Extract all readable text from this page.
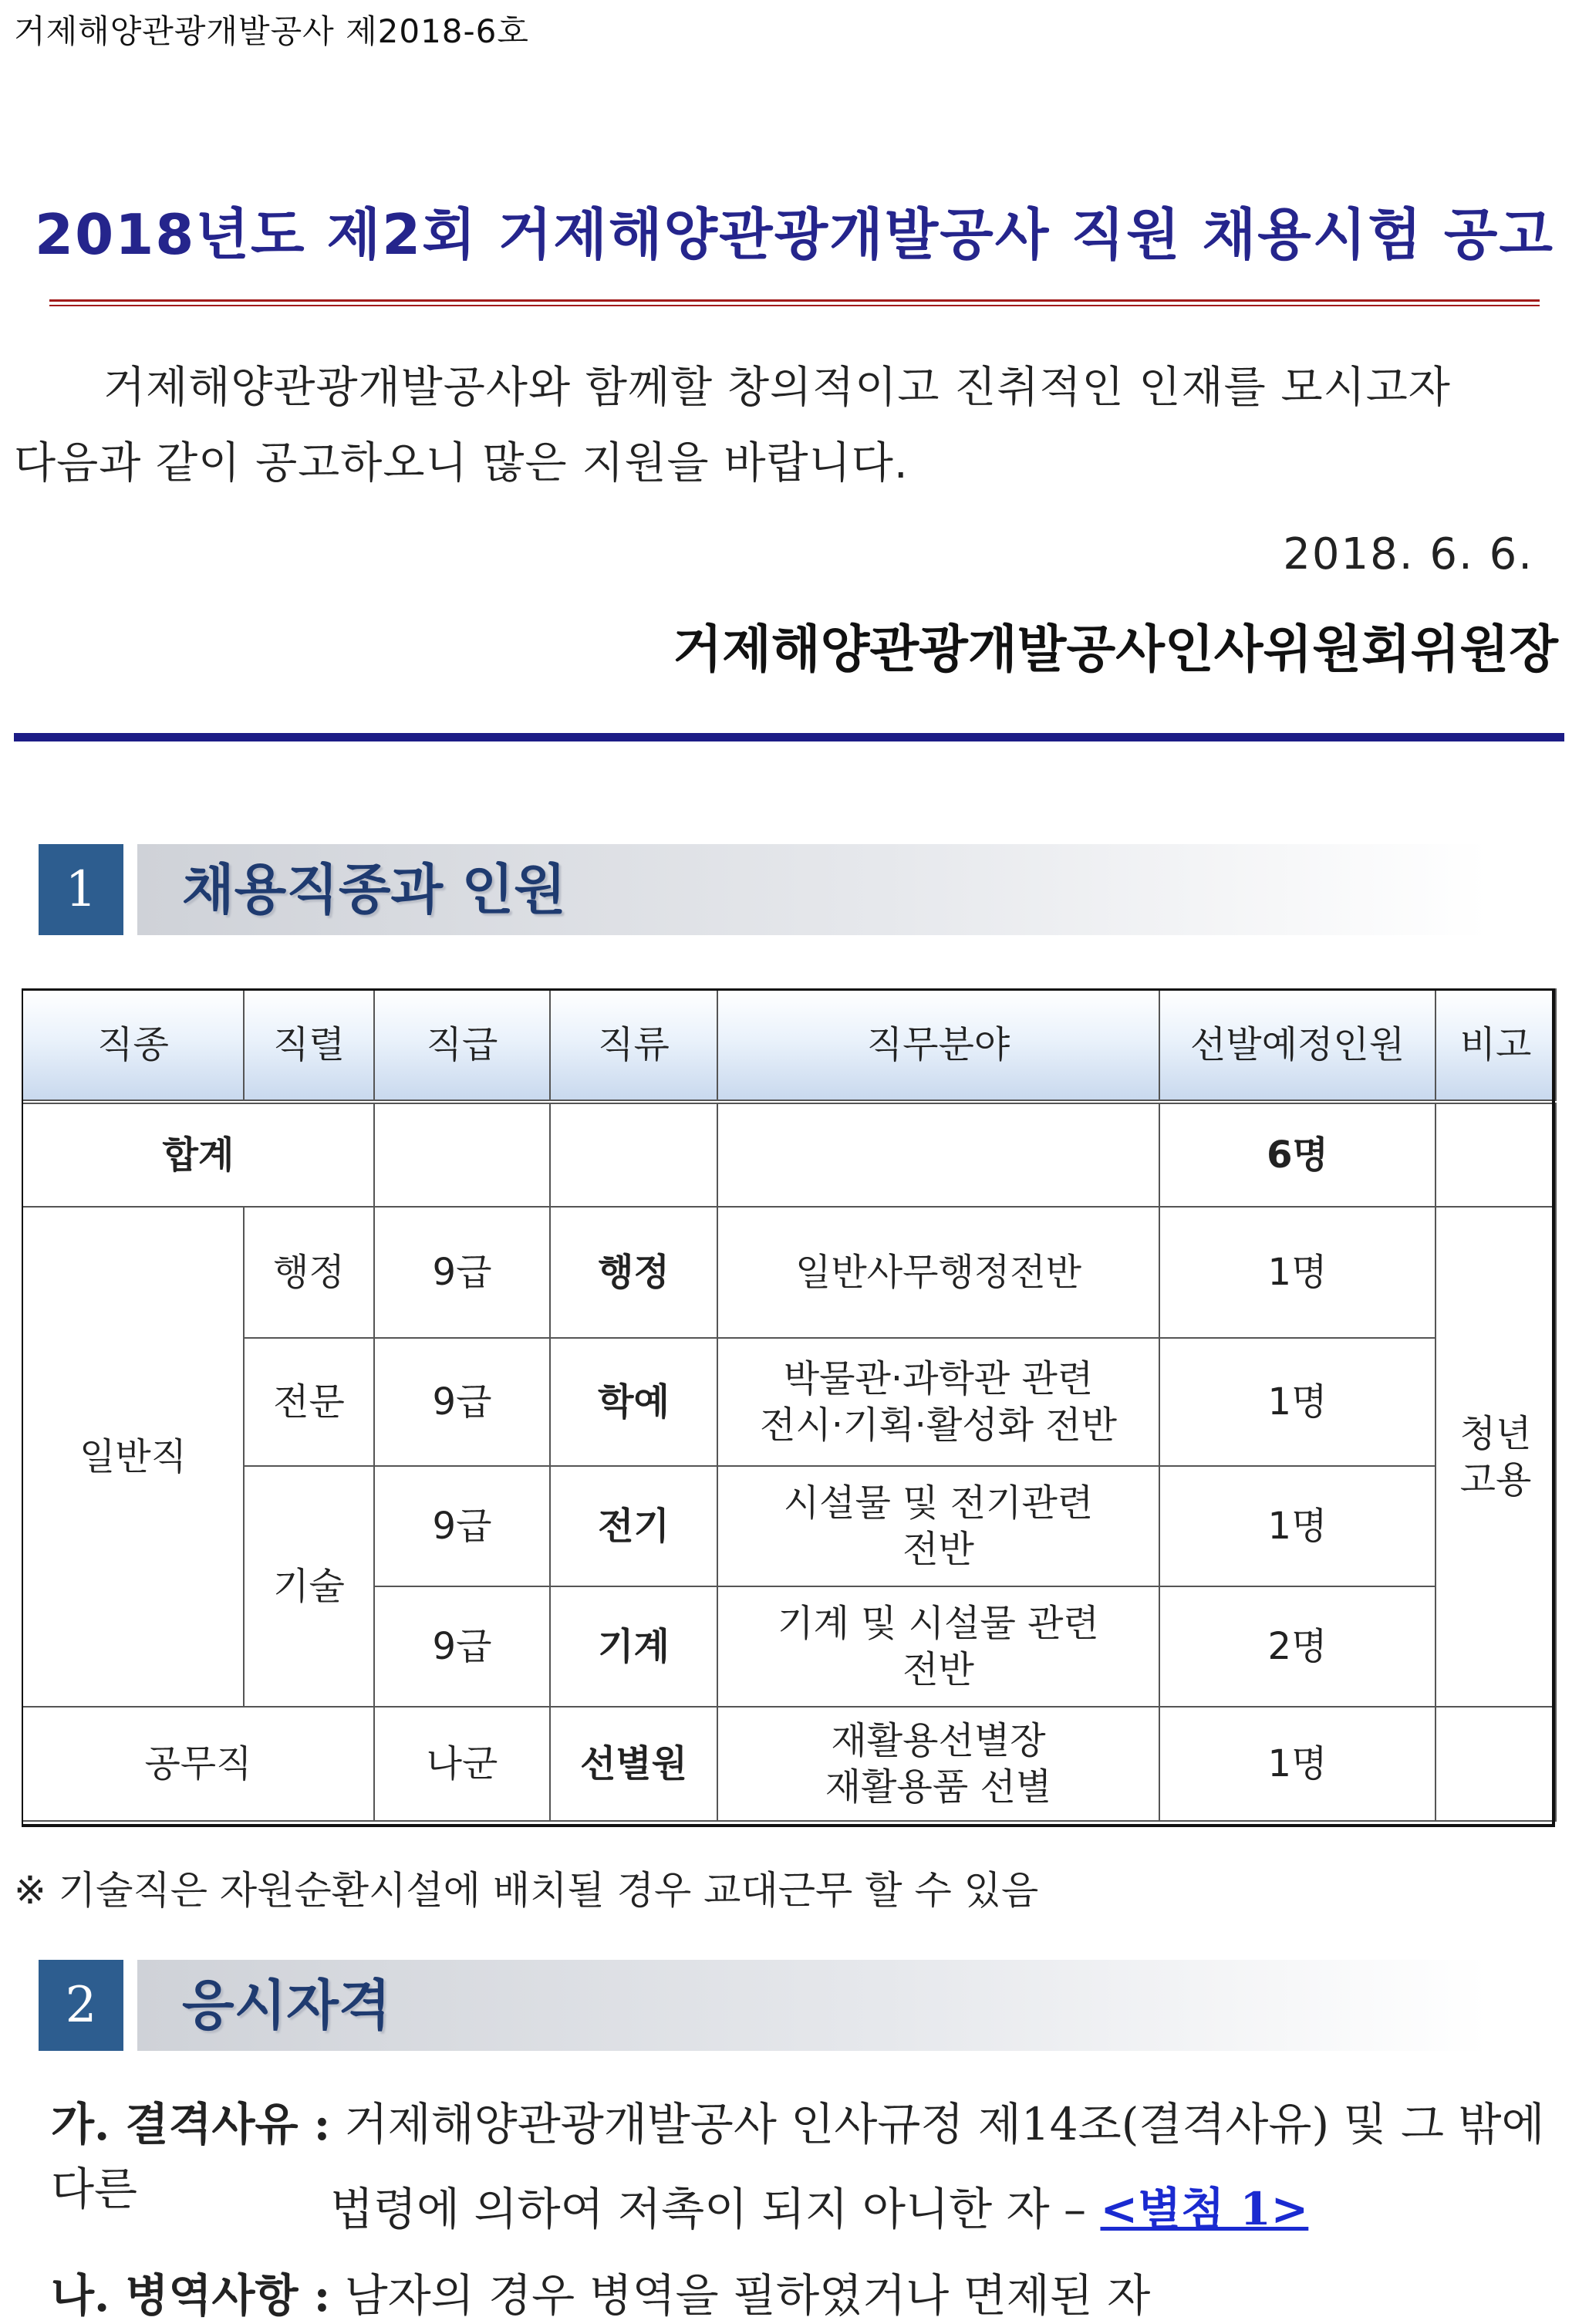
거제해양관광개발공사 제2018-6호
2018년도 제2회 거제해양관광개발공사 직원 채용시험 공고
거제해양관광개발공사와 함께할 창의적이고 진취적인 인재를 모시고자
다음과 같이 공고하오니 많은 지원을 바랍니다.
2018. 6. 6.
거제해양관광개발공사인사위원회위원장
1	채용직종과 인원
직종	직렬	직급	직류	직무분야	선발예정인원	비고
합계					6명	
일반직	행정	9급	행정	일반사무행정전반	1명	청년
고용
	전문	9급	학예	박물관·과학관 관련
전시·기획·활성화 전반	1명	
	기술	9급	전기	시설물 및 전기관련
전반	1명	
		9급	기계	기계 및 시설물 관련
전반	2명	
공무직		나군	선별원	재활용선별장
재활용품 선별	1명	
※ 기술직은 자원순환시설에 배치될 경우 교대근무 할 수 있음
2	응시자격
가. 결격사유 : 거제해양관광개발공사 인사규정 제14조(결격사유) 및 그 밖에 다른	법령에 의하여 저촉이 되지 아니한 자 – <별첨 1>
나. 병역사항 : 남자의 경우 병역을 필하였거나 면제된 자
